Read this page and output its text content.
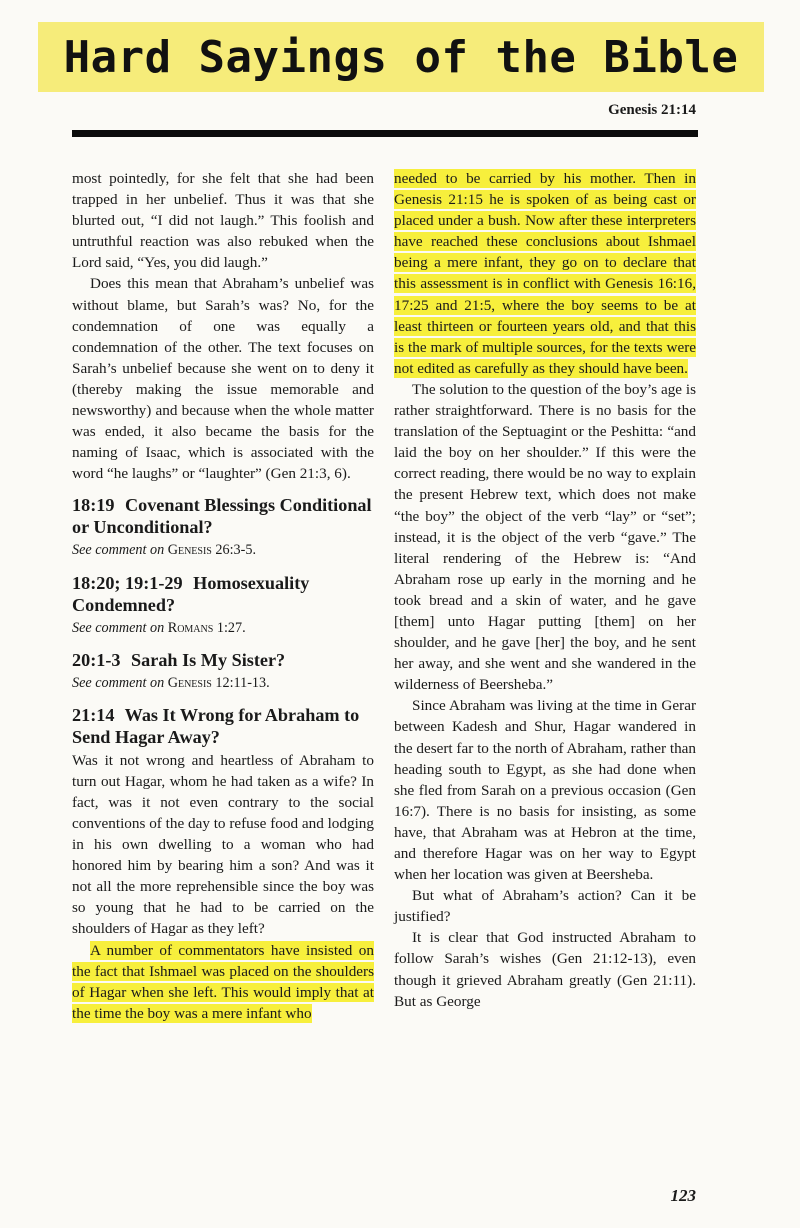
Hard Sayings of the Bible
Genesis 21:14

most pointedly, for she felt that she had been trapped in her unbelief. Thus it was that she blurted out, “I did not laugh.” This foolish and untruthful reaction was also rebuked when the Lord said, “Yes, you did laugh.”

Does this mean that Abraham’s unbelief was without blame, but Sarah’s was? No, for the condemnation of one was equally a condemnation of the other. The text focuses on Sarah’s unbelief because she went on to deny it (thereby making the issue memorable and newsworthy) and because when the whole matter was ended, it also became the basis for the naming of Isaac, which is associated with the word “he laughs” or “laughter” (Gen 21:3, 6).

18:19 Covenant Blessings Conditional or Unconditional?
See comment on Genesis 26:3-5.
18:20; 19:1-29 Homosexuality Condemned?
See comment on Romans 1:27.
20:1-3 Sarah Is My Sister?
See comment on Genesis 12:11-13.
21:14 Was It Wrong for Abraham to Send Hagar Away?

Was it not wrong and heartless of Abraham to turn out Hagar, whom he had taken as a wife? In fact, was it not even contrary to the social conventions of the day to refuse food and lodging in his own dwelling to a woman who had honored him by bearing him a son? And was it not all the more reprehensible since the boy was so young that he had to be carried on the shoulders of Hagar as they left?

A number of commentators have insisted on the fact that Ishmael was placed on the shoulders of Hagar when she left. This would imply that at the time the boy was a mere infant who

needed to be carried by his mother. Then in Genesis 21:15 he is spoken of as being cast or placed under a bush. Now after these interpreters have reached these conclusions about Ishmael being a mere infant, they go on to declare that this assessment is in conflict with Genesis 16:16, 17:25 and 21:5, where the boy seems to be at least thirteen or fourteen years old, and that this is the mark of multiple sources, for the texts were not edited as carefully as they should have been.

The solution to the question of the boy’s age is rather straightforward. There is no basis for the translation of the Septuagint or the Peshitta: “and laid the boy on her shoulder.” If this were the correct reading, there would be no way to explain the present Hebrew text, which does not make “the boy” the object of the verb “lay” or “set”; instead, it is the object of the verb “gave.” The literal rendering of the Hebrew is: “And Abraham rose up early in the morning and he took bread and a skin of water, and he gave [them] unto Hagar putting [them] on her shoulder, and he gave [her] the boy, and he sent her away, and she went and she wandered in the wilderness of Beersheba.”

Since Abraham was living at the time in Gerar between Kadesh and Shur, Hagar wandered in the desert far to the north of Abraham, rather than heading south to Egypt, as she had done when she fled from Sarah on a previous occasion (Gen 16:7). There is no basis for insisting, as some have, that Abraham was at Hebron at the time, and therefore Hagar was on her way to Egypt when her location was given at Beersheba.

But what of Abraham’s action? Can it be justified?

It is clear that God instructed Abraham to follow Sarah’s wishes (Gen 21:12-13), even though it grieved Abraham greatly (Gen 21:11). But as George

123
